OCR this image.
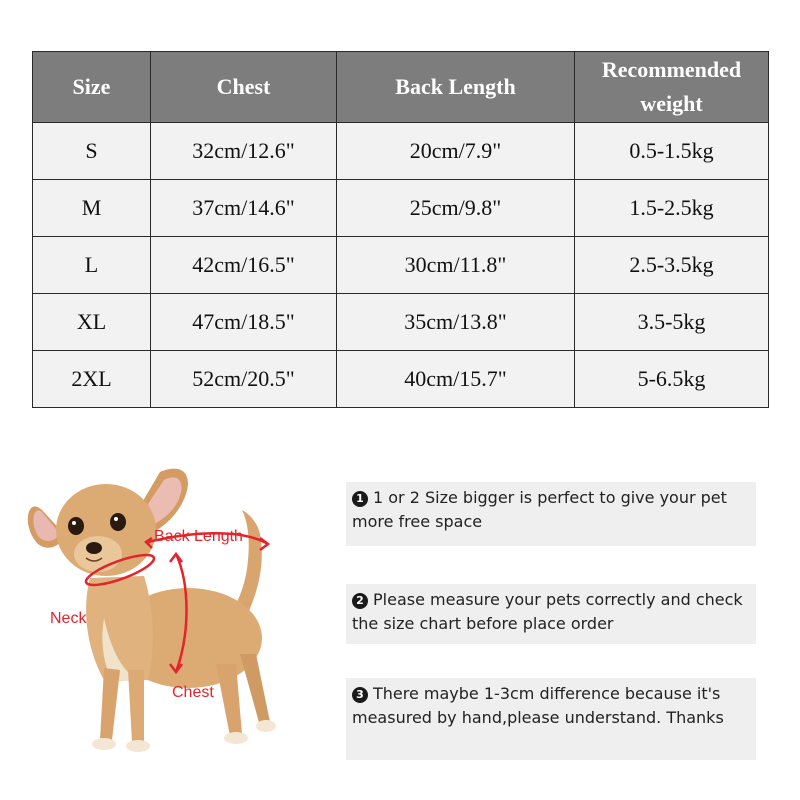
Size	Chest	Back Length	Recommended weight
S	32cm/12.6"	20cm/7.9"	0.5-1.5kg
M	37cm/14.6"	25cm/9.8"	1.5-2.5kg
L	42cm/16.5"	30cm/11.8"	2.5-3.5kg
XL	47cm/18.5"	35cm/13.8"	3.5-5kg
2XL	52cm/20.5"	40cm/15.7"	5-6.5kg
Back Length
Neck
Chest
1 1 or 2 Size bigger is perfect to give your pet more free space
2 Please measure your pets correctly and check the size chart before place order
3 There maybe 1-3cm difference because it's measured by hand,please understand. Thanks
